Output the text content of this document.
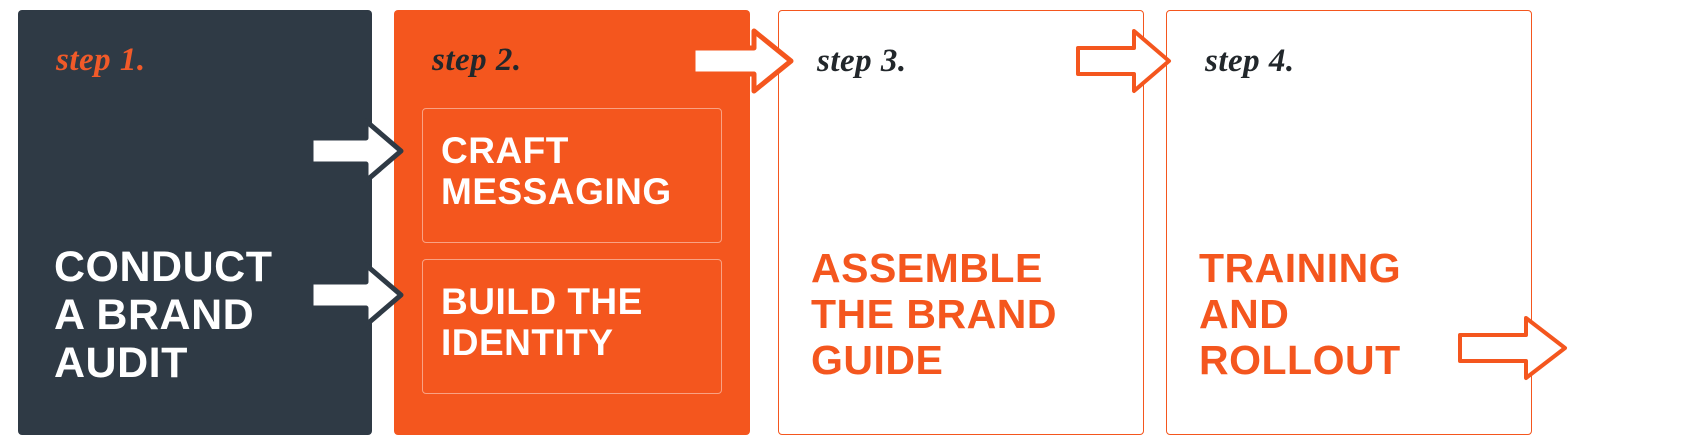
step 1.
CONDUCT
A BRAND
AUDIT
step 2.
CRAFT
MESSAGING
BUILD THE
IDENTITY
step 3.
ASSEMBLE
THE BRAND
GUIDE
step 4.
TRAINING
AND
ROLLOUT
